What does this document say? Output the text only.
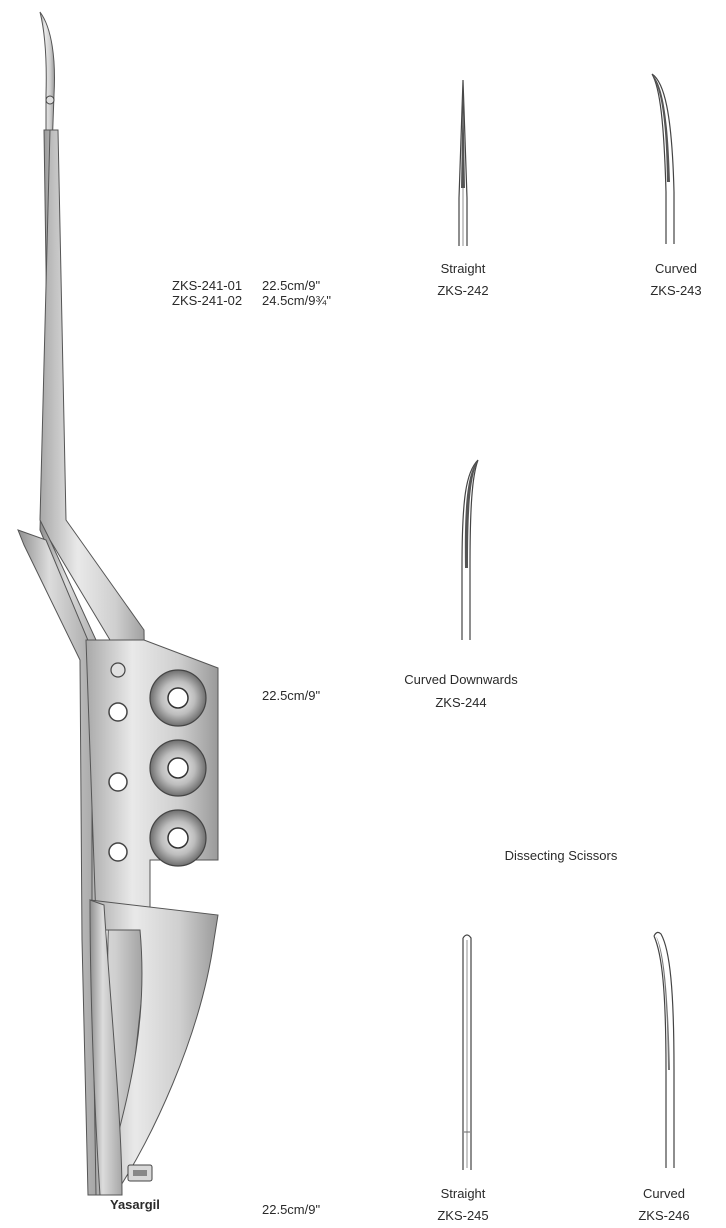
ZKS-241-01 22.5cm/9"
ZKS-241-02 24.5cm/9¾"
Straight
ZKS-242
Curved
ZKS-243
Curved Downwards
ZKS-244
22.5cm/9"
Dissecting Scissors
Straight
ZKS-245
Curved
ZKS-246
Yasargil	22.5cm/9"
